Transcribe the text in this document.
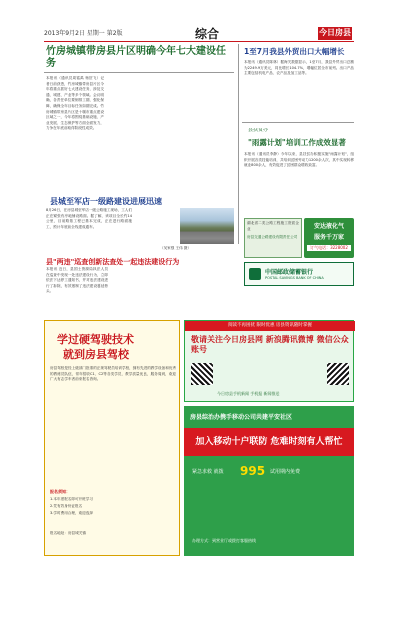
2013年9月2日 星期一 第2版	综合	今日房县
竹房城镇带房县片区明确今年七大建设任务
本报讯（通讯员周铭禹 杨贺飞）记者日前获悉，竹房城镇带房县片区今年将重点抓好七大建设任务，涉及交通、城建、产业等多个领域。会议明确，各责任单位要倒排工期，强化保障，确保全年目标任务如期完成。竹房城镇带房县片区是十堰市重点建设区域之一，今年将围绕基础设施、产业发展、生态保护等方面全面发力，力争在年底前取得阶段性成效。
县城至军店一级路建设进展迅速
8月26日，在房县城至军店一级公路施工现场，工人们正在紧张有序地铺设路面。据了解，该项目全长约14公里，目前路基工程已基本完成，正在进行路面施工，预计年底前全线建成通车。
（吴家强 王伟 摄）
县"两违"巡查创新法查处一起违法建设行为
本报讯 近日，县国土资源局执法人员在巡查中发现一处违法建设行为，立即依法下达停工通知书，并对违法建设进行了拆除，有效遏制了违法建设蔓延势头。
1至7月我县外贸出口大幅增长
本报讯（通讯员陈林）据海关数据显示，1至7月，我县外贸出口总额为2249.9万美元，同比增长104.7%，增幅位居全市前列。出口产品主要包括机电产品、农产品及加工品等。
县扶贫办
"雨露计划"培训工作成效显著
本报讯（通讯员李静）今年以来，县扶贫办积极实施"雨露计划"，组织开展各类技能培训，共培训贫困劳动力1200余人次，其中实现转移就业800余人，有效促进了贫困群众增收致富。
湖北省二类公路工程施工资质企业
房县交通公路建设有限责任公司
安达液化气
服务千万家
订气电话：3228002
中国邮政储蓄银行
POSTAL SAVINGS BANK OF CHINA
学过硬驾驶技术
就到房县驾校
房县驾校是经上级部门批准的正规驾驶员培训学校，拥有先进的教学设备和优秀的教练员队伍，常年招收C1、C2等各类学员，教学质量优良，服务周到，欢迎广大有志学车者前来报名咨询。
报名须知：
1.本年度报名即可开班学习
2.凭有效身份证报名
3.学时费用合理，欢迎选择
报名地址：房县城关镇
阅读不再困扰 限时优惠 房县资讯随时掌握
敬请关注今日房县网 新浪腾讯微博 微信公众账号
今日房县手机新闻 手机报 新闻推送
房县综治办携手移动公司共建平安社区
加入移动十户联防 危难时刻有人帮忙
紧急求救 就拨 995 试用期内免费
办理方式：到营业厅或拨打客服热线
